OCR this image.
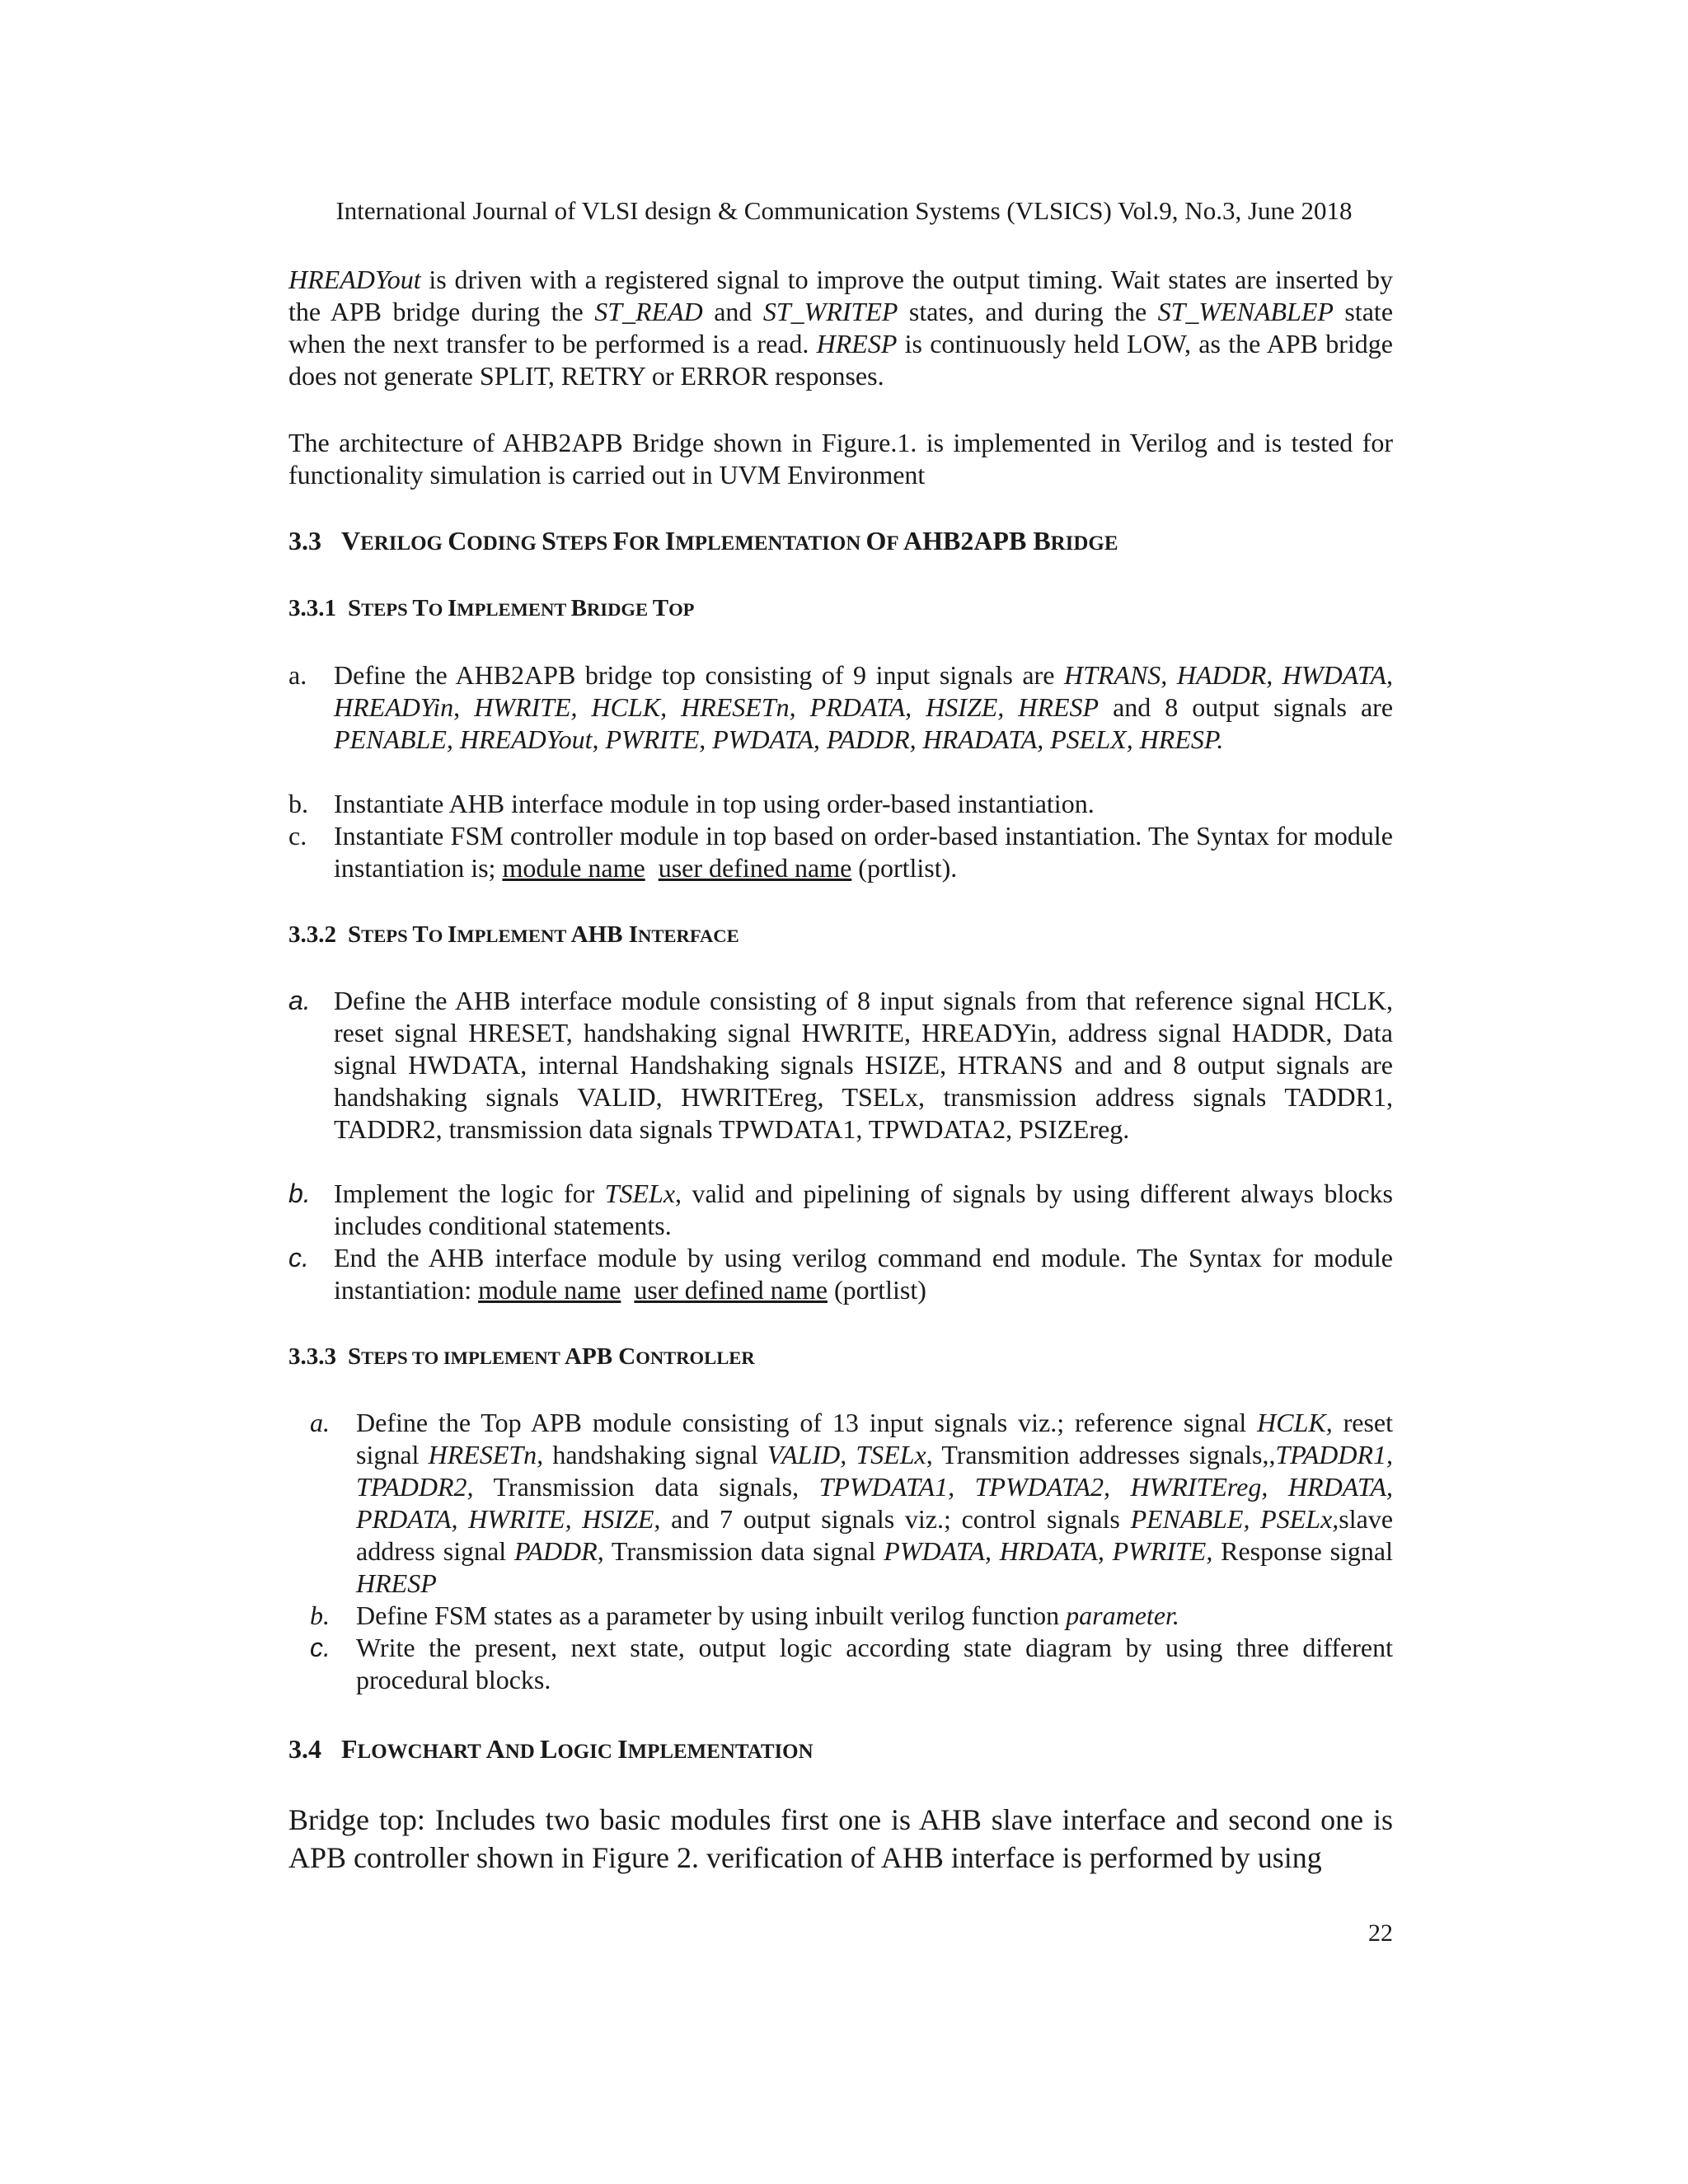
International Journal of VLSI design & Communication Systems (VLSICS) Vol.9, No.3, June 2018
HREADYout is driven with a registered signal to improve the output timing. Wait states are inserted by the APB bridge during the ST_READ and ST_WRITEP states, and during the ST_WENABLEP state when the next transfer to be performed is a read. HRESP is continuously held LOW, as the APB bridge does not generate SPLIT, RETRY or ERROR responses.
The architecture of AHB2APB Bridge shown in Figure.1. is implemented in Verilog and is tested for functionality simulation is carried out in UVM Environment
3.3 VERILOG CODING STEPS FOR IMPLEMENTATION OF AHB2APB BRIDGE
3.3.1 STEPS TO IMPLEMENT BRIDGE TOP
a. Define the AHB2APB bridge top consisting of 9 input signals are HTRANS, HADDR, HWDATA, HREADYin, HWRITE, HCLK, HRESETn, PRDATA, HSIZE, HRESP and 8 output signals are PENABLE, HREADYout, PWRITE, PWDATA, PADDR, HRADATA, PSELX, HRESP.
b. Instantiate AHB interface module in top using order-based instantiation.
c. Instantiate FSM controller module in top based on order-based instantiation. The Syntax for module instantiation is; module name user defined name (portlist).
3.3.2 STEPS TO IMPLEMENT AHB INTERFACE
a. Define the AHB interface module consisting of 8 input signals from that reference signal HCLK, reset signal HRESET, handshaking signal HWRITE, HREADYin, address signal HADDR, Data signal HWDATA, internal Handshaking signals HSIZE, HTRANS and and 8 output signals are handshaking signals VALID, HWRITEreg, TSELx, transmission address signals TADDR1, TADDR2, transmission data signals TPWDATA1, TPWDATA2, PSIZEreg.
b. Implement the logic for TSELx, valid and pipelining of signals by using different always blocks includes conditional statements.
c. End the AHB interface module by using verilog command end module. The Syntax for module instantiation: module name user defined name (portlist)
3.3.3 STEPS TO IMPLEMENT APB CONTROLLER
a. Define the Top APB module consisting of 13 input signals viz.; reference signal HCLK, reset signal HRESETn, handshaking signal VALID, TSELx, Transmition addresses signals,,TPADDR1, TPADDR2, Transmission data signals, TPWDATA1, TPWDATA2, HWRITEreg, HRDATA, PRDATA, HWRITE, HSIZE, and 7 output signals viz.; control signals PENABLE, PSELx,slave address signal PADDR, Transmission data signal PWDATA, HRDATA, PWRITE, Response signal HRESP
b. Define FSM states as a parameter by using inbuilt verilog function parameter.
c. Write the present, next state, output logic according state diagram by using three different procedural blocks.
3.4 FLOWCHART AND LOGIC IMPLEMENTATION
Bridge top: Includes two basic modules first one is AHB slave interface and second one is APB controller shown in Figure 2. verification of AHB interface is performed by using
22
